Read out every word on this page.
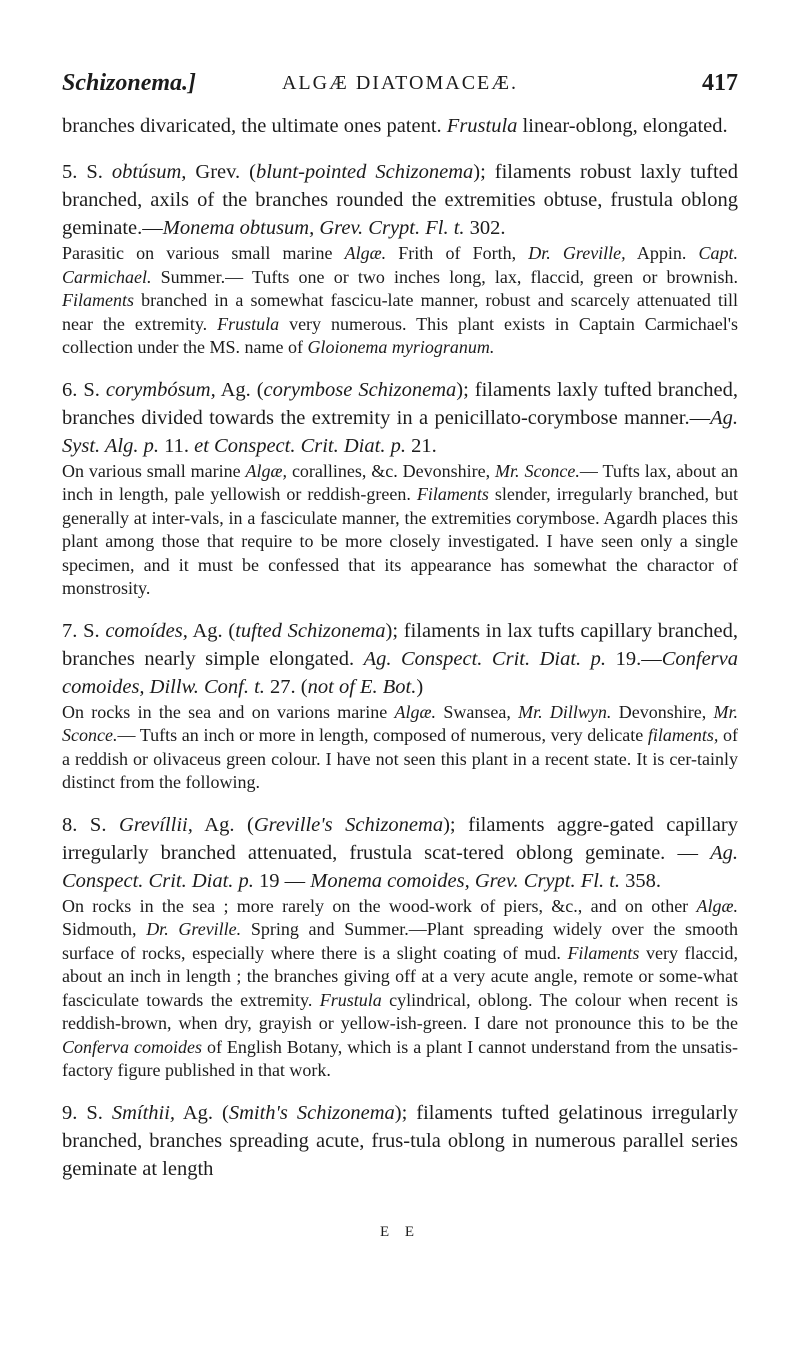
Schizonema.]	ALGÆ DIATOMACEÆ.	417

branches divaricated, the ultimate ones patent. Frustula linear-oblong, elongated.

5. S. obtúsum, Grev. (blunt-pointed Schizonema); filaments robust laxly tufted branched, axils of the branches rounded the extremities obtuse, frustula oblong geminate.—Monema obtusum, Grev. Crypt. Fl. t. 302.

Parasitic on various small marine Algæ. Frith of Forth, Dr. Greville, Appin. Capt. Carmichael. Summer.— Tufts one or two inches long, lax, flaccid, green or brownish. Filaments branched in a somewhat fascicu-late manner, robust and scarcely attenuated till near the extremity. Frustula very numerous. This plant exists in Captain Carmichael's collection under the MS. name of Gloionema myriogranum.

6. S. corymbósum, Ag. (corymbose Schizonema); filaments laxly tufted branched, branches divided towards the extremity in a penicillato-corymbose manner.—Ag. Syst. Alg. p. 11. et Conspect. Crit. Diat. p. 21.

On various small marine Algæ, corallines, &c. Devonshire, Mr. Sconce.— Tufts lax, about an inch in length, pale yellowish or reddish-green. Filaments slender, irregularly branched, but generally at inter-vals, in a fasciculate manner, the extremities corymbose. Agardh places this plant among those that require to be more closely investigated. I have seen only a single specimen, and it must be confessed that its appearance has somewhat the charactor of monstrosity.

7. S. comoídes, Ag. (tufted Schizonema); filaments in lax tufts capillary branched, branches nearly simple elongated. Ag. Conspect. Crit. Diat. p. 19.—Conferva comoides, Dillw. Conf. t. 27. (not of E. Bot.)

On rocks in the sea and on varions marine Algæ. Swansea, Mr. Dillwyn. Devonshire, Mr. Sconce.— Tufts an inch or more in length, composed of numerous, very delicate filaments, of a reddish or olivaceus green colour. I have not seen this plant in a recent state. It is cer-tainly distinct from the following.

8. S. Grevíllii, Ag. (Greville's Schizonema); filaments aggre-gated capillary irregularly branched attenuated, frustula scat-tered oblong geminate. — Ag. Conspect. Crit. Diat. p. 19 — Monema comoides, Grev. Crypt. Fl. t. 358.

On rocks in the sea ; more rarely on the wood-work of piers, &c., and on other Algæ. Sidmouth, Dr. Greville. Spring and Summer.—Plant spreading widely over the smooth surface of rocks, especially where there is a slight coating of mud. Filaments very flaccid, about an inch in length ; the branches giving off at a very acute angle, remote or some-what fasciculate towards the extremity. Frustula cylindrical, oblong. The colour when recent is reddish-brown, when dry, grayish or yellow-ish-green. I dare not pronounce this to be the Conferva comoides of English Botany, which is a plant I cannot understand from the unsatis-factory figure published in that work.

9. S. Smíthii, Ag. (Smith's Schizonema); filaments tufted gelatinous irregularly branched, branches spreading acute, frus-tula oblong in numerous parallel series geminate at length

E E
